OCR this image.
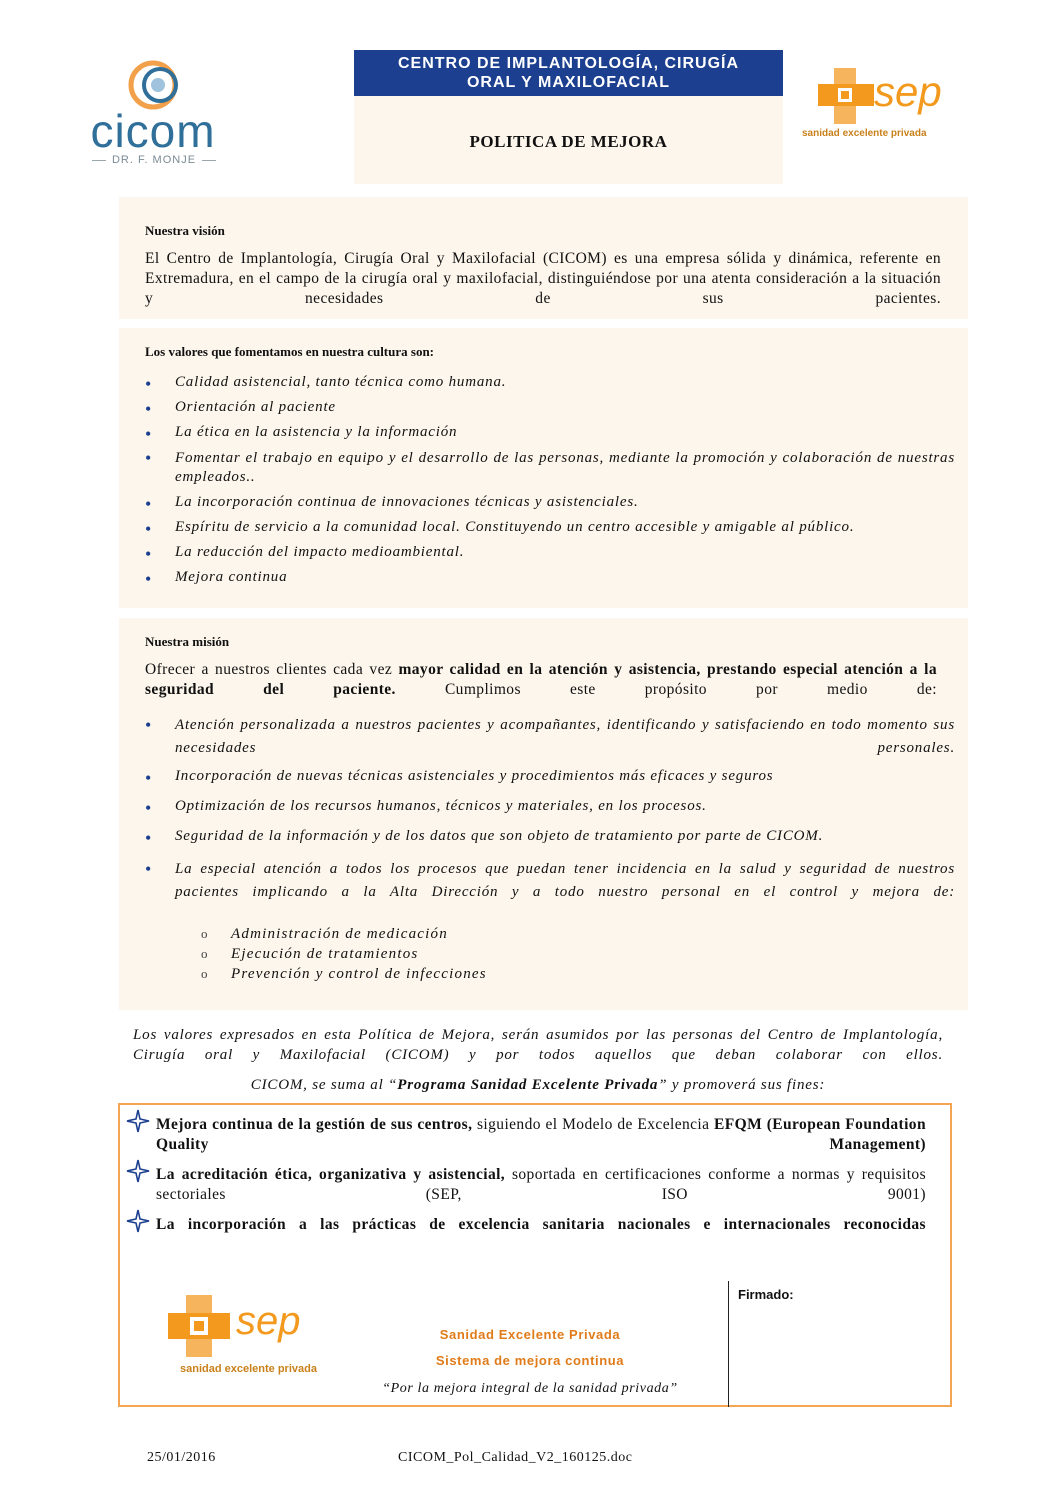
cicom
DR. F. MONJE
CENTRO DE IMPLANTOLOGÍA, CIRUGÍA
ORAL Y MAXILOFACIAL
POLITICA DE MEJORA
sep
sanidad excelente privada
Nuestra visión
El Centro de Implantología, Cirugía Oral y Maxilofacial (CICOM) es una empresa sólida y dinámica, referente en Extremadura, en el campo de la cirugía oral y maxilofacial, distinguiéndose por una atenta consideración a la situación y necesidades de sus pacientes.
Los valores que fomentamos en nuestra cultura son:
• Calidad asistencial, tanto técnica como humana.
• Orientación al paciente
• La ética en la asistencia y la información
• Fomentar el trabajo en equipo y el desarrollo de las personas, mediante la promoción y colaboración de nuestras empleados..
• La incorporación continua de innovaciones técnicas y asistenciales.
• Espíritu de servicio a la comunidad local. Constituyendo un centro accesible y amigable al público.
• La reducción del impacto medioambiental.
• Mejora continua
Nuestra misión
Ofrecer a nuestros clientes cada vez mayor calidad en la atención y asistencia, prestando especial atención a la seguridad del paciente. Cumplimos este propósito por medio de:
• Atención personalizada a nuestros pacientes y acompañantes, identificando y satisfaciendo en todo momento sus necesidades personales.
• Incorporación de nuevas técnicas asistenciales y procedimientos más eficaces y seguros
• Optimización de los recursos humanos, técnicos y materiales, en los procesos.
• Seguridad de la información y de los datos que son objeto de tratamiento por parte de CICOM.
• La especial atención a todos los procesos que puedan tener incidencia en la salud y seguridad de nuestros pacientes implicando a la Alta Dirección y a todo nuestro personal en el control y mejora de:
o Administración de medicación
o Ejecución de tratamientos
o Prevención y control de infecciones
Los valores expresados en esta Política de Mejora, serán asumidos por las personas del Centro de Implantología, Cirugía oral y Maxilofacial (CICOM) y por todos aquellos que deban colaborar con ellos.
CICOM, se suma al “Programa Sanidad Excelente Privada” y promoverá sus fines:
Mejora continua de la gestión de sus centros, siguiendo el Modelo de Excelencia EFQM (European Foundation Quality Management)
La acreditación ética, organizativa y asistencial, soportada en certificaciones conforme a normas y requisitos sectoriales (SEP, ISO 9001)
La incorporación a las prácticas de excelencia sanitaria nacionales e internacionales reconocidas
sep
sanidad excelente privada
Sanidad Excelente Privada
Sistema de mejora continua
“Por la mejora integral de la sanidad privada”
Firmado:
25/01/2016	CICOM_Pol_Calidad_V2_160125.doc
